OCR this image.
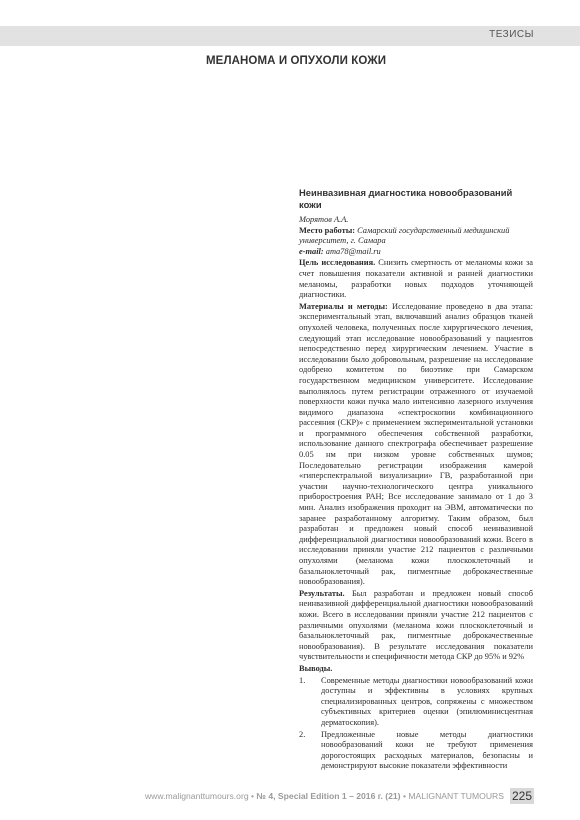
ТЕЗИСЫ
МЕЛАНОМА И ОПУХОЛИ КОЖИ
Неинвазивная диагностика новообразований кожи
Морятов А.А.
Место работы: Самарский государственный медицинский университет, г. Самара
e-mail: ama78@mail.ru

Цель исследования. Снизить смертность от меланомы кожи за счет повышения показатели активной и ранней диагностики меланомы, разработки новых подходов уточняющей диагностики.

Материалы и методы: Исследование проведено в два этапа: экспериментальный этап, включавший анализ образцов тканей опухолей человека, полученных после хирургического лечения, следующий этап исследование новообразований у пациентов непосредственно перед хирургическим лечением. Участие в исследовании было добровольным, разрешение на исследование одобрено комитетом по биоэтике при Самарском государственном медицинском университете. Исследование выполнялось путем регистрации отраженного от изучаемой поверхности кожи пучка мало интенсивно лазерного излучения видимого диапазона «спектроскопии комбинационного рассеяния (СКР)» с применением экспериментальной установки и программного обеспечения собственной разработки, использование данного спектрографа обеспечивает разрешение 0.05 нм при низком уровне собственных шумов; Последовательно регистрации изображения камерой «гиперспектральной визуализации» ГВ, разработанной при участии научно-технологического центра уникального приборостроения РАН; Все исследование занимало от 1 до 3 мин. Анализ изображения проходит на ЭВМ, автоматически по заранее разработанному алгоритму. Таким образом, был разработан и предложен новый способ неинвазивной дифференциальной диагностики новообразований кожи. Всего в исследовании приняли участие 212 пациентов с различными опухолями (меланома кожи плоскоклеточный и базальноклеточный рак, пигментные доброкачественные новообразования).

Результаты. Был разработан и предложен новый способ неинвазивной дифференциальной диагностики новообразований кожи. Всего в исследовании приняли участие 212 пациентов с различными опухолями (меланома кожи плоскоклеточный и базальноклеточный рак, пигментные доброкачественные новообразования). В результате исследования показатели чувствительности и специфичности метода СКР до 95% и 92%

Выводы.

1. Современные методы диагностики новообразований кожи доступны и эффективны в условиях крупных специализированных центров, сопряжены с множеством субъективных критериев оценки (эпилюминисцентная дерматоскопия).
2. Предложенные новые методы диагностики новообразований кожи не требуют применения дорогостоящих расходных материалов, безопасны и демонстрируют высокие показатели эффективности
www.malignanttumours.org • № 4, Special Edition 1 – 2016 г. (21) • MALIGNANT TUMOURS 225
